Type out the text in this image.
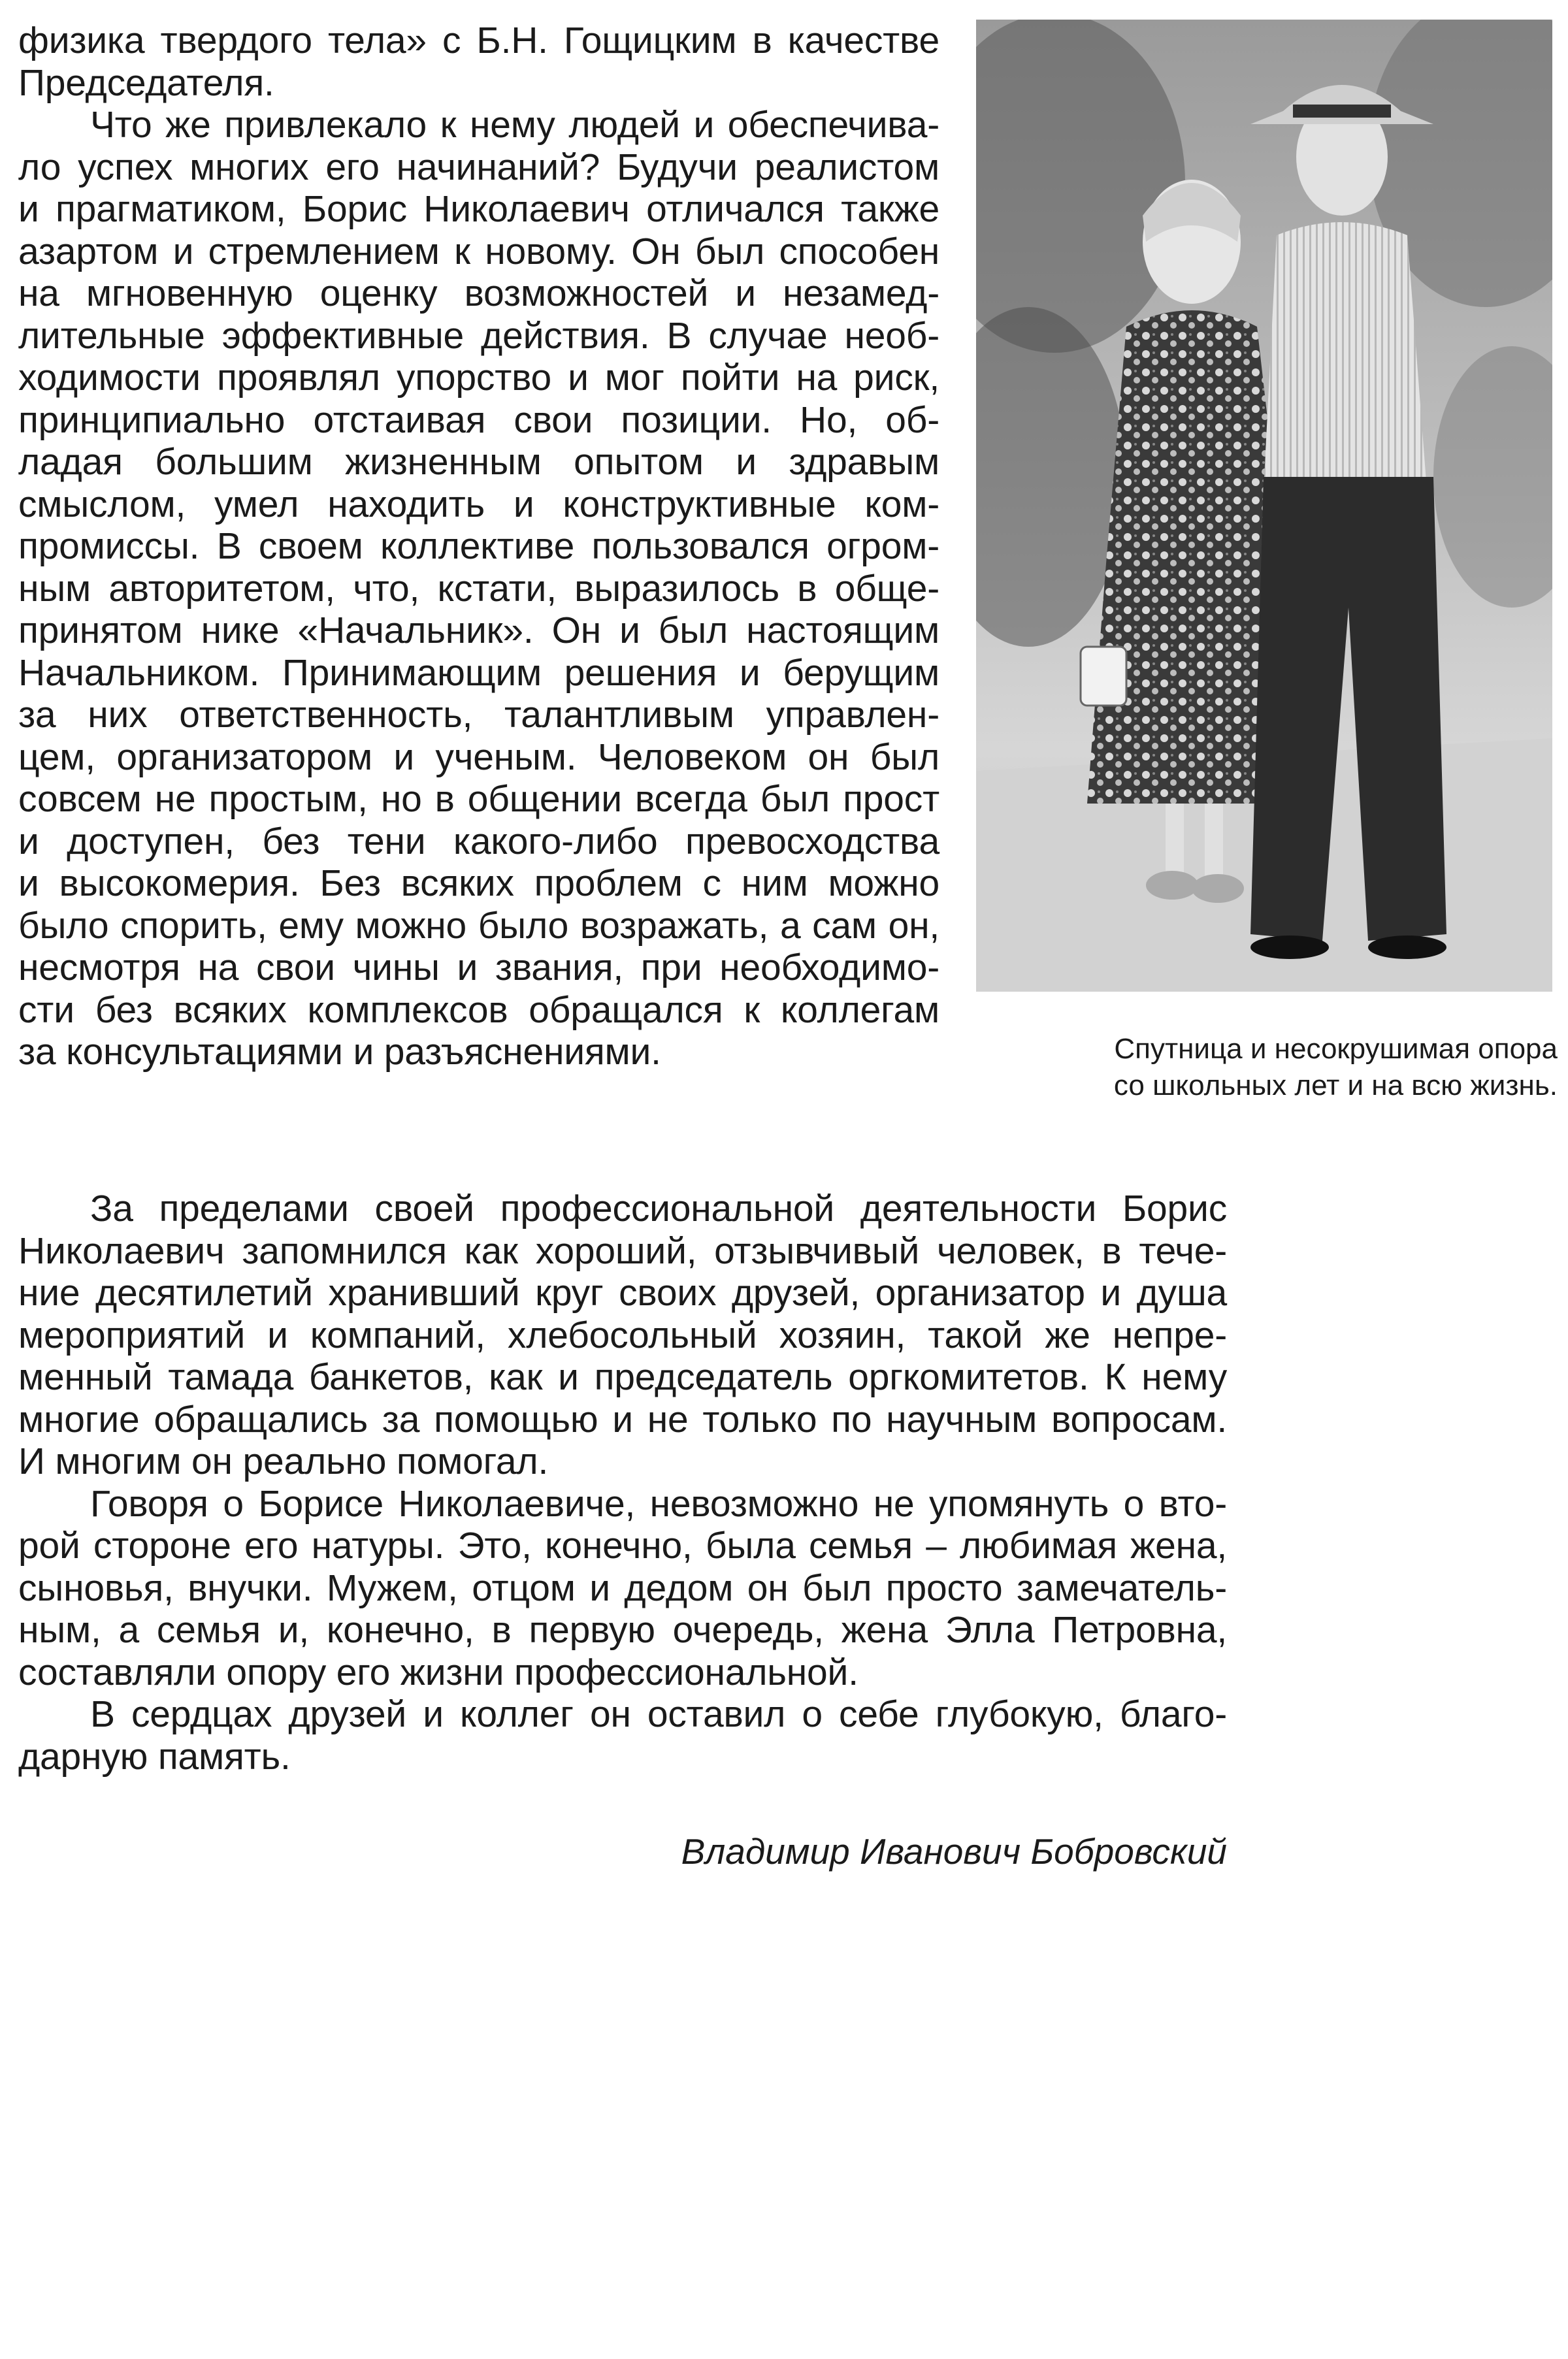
физика твердого тела» с Б.Н. Гощицким в качестве
Председателя.
Что же привлекало к нему людей и обеспечива-
ло успех многих его начинаний? Будучи реалистом
и прагматиком, Борис Николаевич отличался также
азартом и стремлением к новому. Он был способен
на мгновенную оценку возможностей и незамед-
лительные эффективные действия. В случае необ-
ходимости проявлял упорство и мог пойти на риск,
принципиально отстаивая свои позиции. Но, об-
ладая большим жизненным опытом и здравым
смыслом, умел находить и конструктивные ком-
промиссы. В своем коллективе пользовался огром-
ным авторитетом, что, кстати, выразилось в обще-
принятом нике «Начальник». Он и был настоящим
Начальником. Принимающим решения и берущим
за них ответственность, талантливым управлен-
цем, организатором и ученым. Человеком он был
совсем не простым, но в общении всегда был прост
и доступен, без тени какого-либо превосходства
и высокомерия. Без всяких проблем с ним можно
было спорить, ему можно было возражать, а сам он,
несмотря на свои чины и звания, при необходимо-
сти без всяких комплексов обращался к коллегам
за консультациями и разъяснениями.	Спутница и несокрушимая опора
со школьных лет и на всю жизнь.
За пределами своей профессиональной деятельности Борис
Николаевич запомнился как хороший, отзывчивый человек, в тече-
ние десятилетий хранивший круг своих друзей, организатор и душа
мероприятий и компаний, хлебосольный хозяин, такой же непре-
менный тамада банкетов, как и председатель оргкомитетов. К нему
многие обращались за помощью и не только по научным вопросам.
И многим он реально помогал.
Говоря о Борисе Николаевиче, невозможно не упомянуть о вто-
рой стороне его натуры. Это, конечно, была семья – любимая жена,
сыновья, внучки. Мужем, отцом и дедом он был просто замечатель-
ным, а семья и, конечно, в первую очередь, жена Элла Петровна,
составляли опору его жизни профессиональной.
В сердцах друзей и коллег он оставил о себе глубокую, благо-
дарную память.
Владимир Иванович Бобровский
